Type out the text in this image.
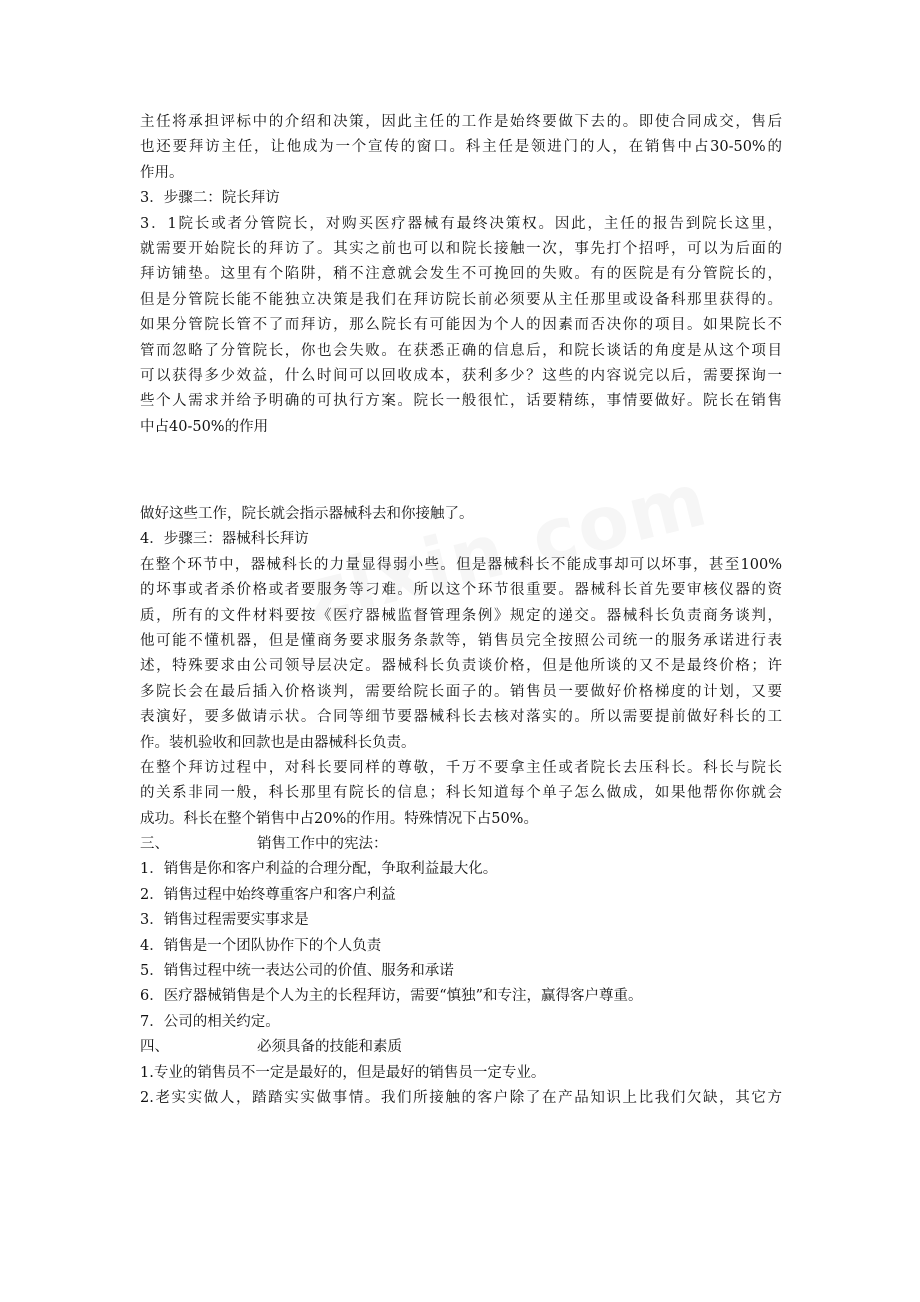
主任将承担评标中的介绍和决策，因此主任的工作是始终要做下去的。即使合同成交，售后
也还要拜访主任，让他成为一个宣传的窗口。科主任是领进门的人，在销售中占30-50%的
作用。
3．步骤二：院长拜访
3．1院长或者分管院长，对购买医疗器械有最终决策权。因此，主任的报告到院长这里，
就需要开始院长的拜访了。其实之前也可以和院长接触一次，事先打个招呼，可以为后面的
拜访铺垫。这里有个陷阱，稍不注意就会发生不可挽回的失败。有的医院是有分管院长的，
但是分管院长能不能独立决策是我们在拜访院长前必须要从主任那里或设备科那里获得的。
如果分管院长管不了而拜访，那么院长有可能因为个人的因素而否决你的项目。如果院长不
管而忽略了分管院长，你也会失败。在获悉正确的信息后，和院长谈话的角度是从这个项目
可以获得多少效益，什么时间可以回收成本，获利多少？这些的内容说完以后，需要探询一
些个人需求并给予明确的可执行方案。院长一般很忙，话要精练，事情要做好。院长在销售
中占40-50%的作用
做好这些工作，院长就会指示器械科去和你接触了。
4．步骤三：器械科长拜访
在整个环节中，器械科长的力量显得弱小些。但是器械科长不能成事却可以坏事，甚至100%
的坏事或者杀价格或者要服务等刁难。所以这个环节很重要。器械科长首先要审核仪器的资
质，所有的文件材料要按《医疗器械监督管理条例》规定的递交。器械科长负责商务谈判，
他可能不懂机器，但是懂商务要求服务条款等，销售员完全按照公司统一的服务承诺进行表
述，特殊要求由公司领导层决定。器械科长负责谈价格，但是他所谈的又不是最终价格；许
多院长会在最后插入价格谈判，需要给院长面子的。销售员一要做好价格梯度的计划，又要
表演好，要多做请示状。合同等细节要器械科长去核对落实的。所以需要提前做好科长的工
作。装机验收和回款也是由器械科长负责。
在整个拜访过程中，对科长要同样的尊敬，千万不要拿主任或者院长去压科长。科长与院长
的关系非同一般，科长那里有院长的信息；科长知道每个单子怎么做成，如果他帮你你就会
成功。科长在整个销售中占20%的作用。特殊情况下占50%。
三、	销售工作中的宪法：
1．销售是你和客户利益的合理分配，争取利益最大化。
2．销售过程中始终尊重客户和客户利益
3．销售过程需要实事求是
4．销售是一个团队协作下的个人负责
5．销售过程中统一表达公司的价值、服务和承诺
6．医疗器械销售是个人为主的长程拜访，需要“慎独”和专注，赢得客户尊重。
7．公司的相关约定。
四、	必须具备的技能和素质
1.专业的销售员不一定是最好的，但是最好的销售员一定专业。
2.老实实做人，踏踏实实做事情。我们所接触的客户除了在产品知识上比我们欠缺，其它方
